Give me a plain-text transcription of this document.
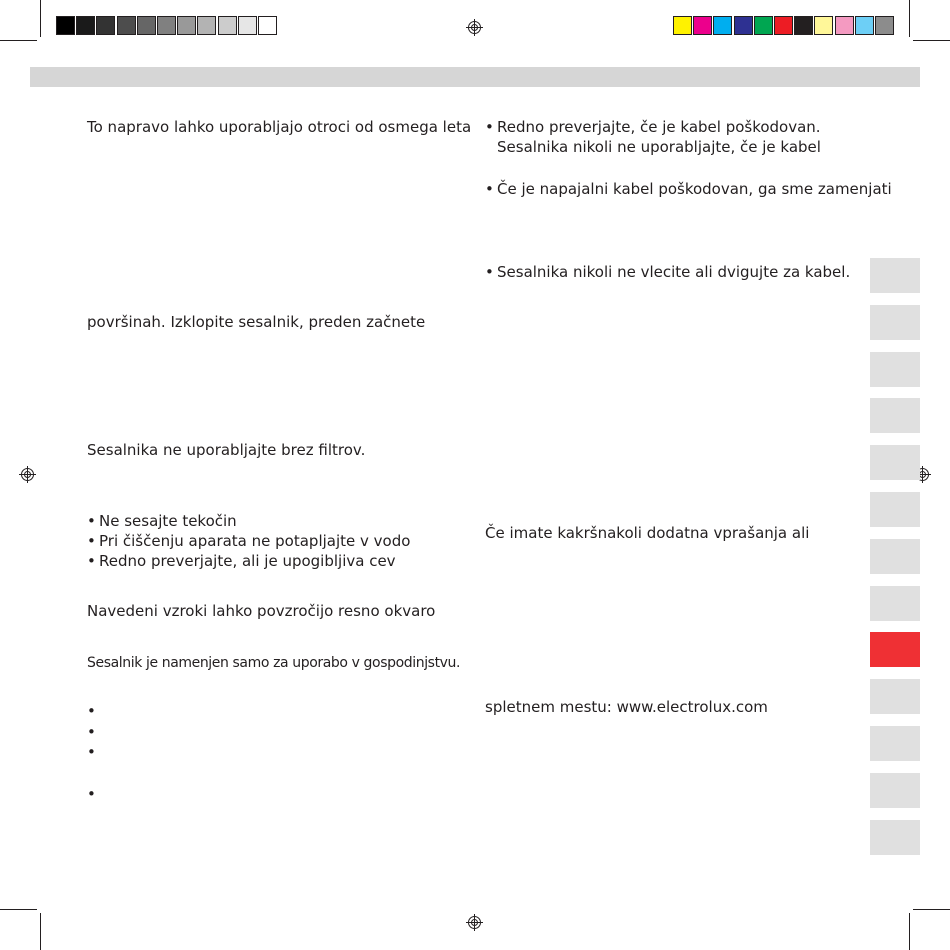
To napravo lahko uporabljajo otroci od osmega leta
površinah. Izklopite sesalnik, preden začnete
Sesalnika ne uporabljajte brez filtrov.
• Ne sesajte tekočin
• Pri čiščenju aparata ne potapljajte v vodo
• Redno preverjajte, ali je upogibljiva cev
Navedeni vzroki lahko povzročijo resno okvaro
Sesalnik je namenjen samo za uporabo v gospodinjstvu.
•
•
•
•
• Redno preverjajte, če je kabel poškodovan.
Sesalnika nikoli ne uporabljajte, če je kabel
• Če je napajalni kabel poškodovan, ga sme zamenjati
• Sesalnika nikoli ne vlecite ali dvigujte za kabel.
Če imate kakršnakoli dodatna vprašanja ali
spletnem mestu: www.electrolux.com
